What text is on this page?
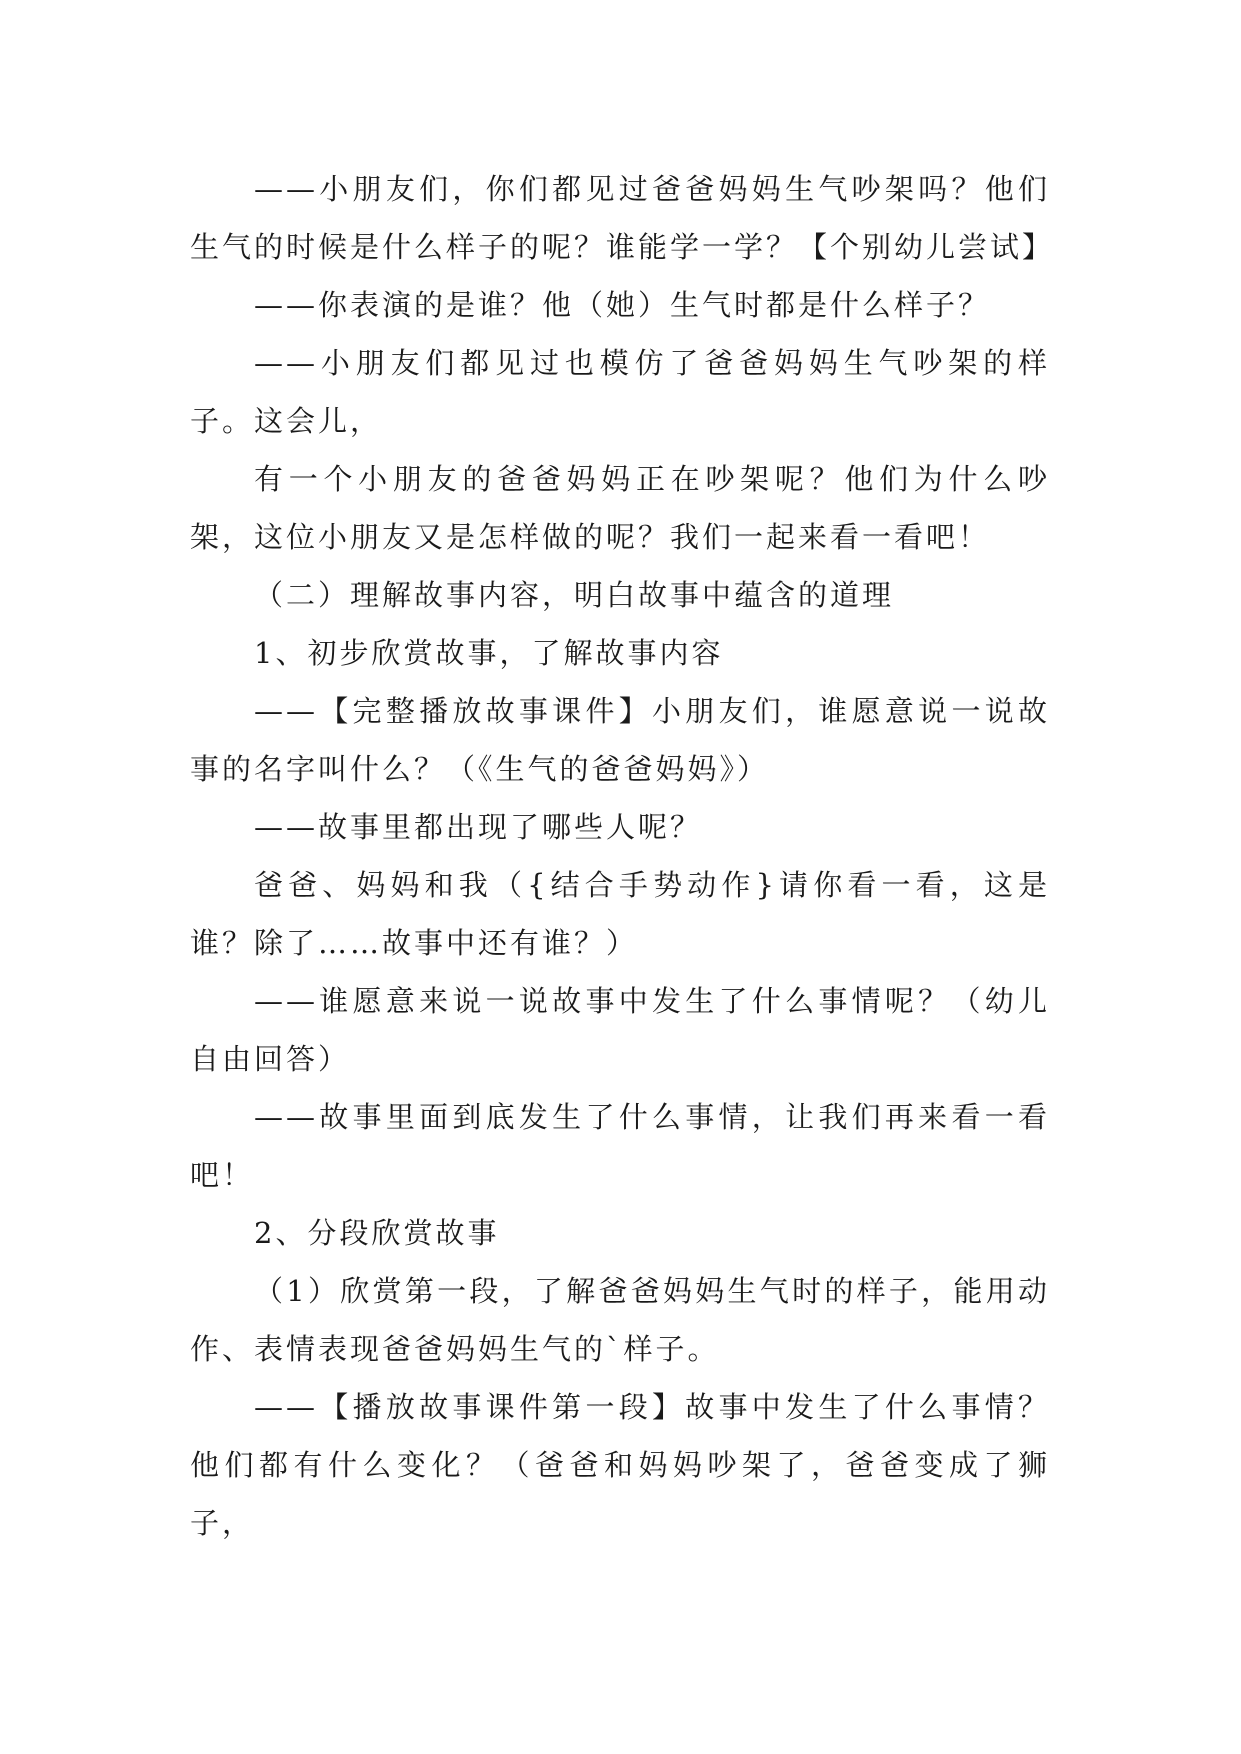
——小朋友们，你们都见过爸爸妈妈生气吵架吗？他们生气的时候是什么样子的呢？谁能学一学？【个别幼儿尝试】

——你表演的是谁？他（她）生气时都是什么样子？

——小朋友们都见过也模仿了爸爸妈妈生气吵架的样子。这会儿，

有一个小朋友的爸爸妈妈正在吵架呢？他们为什么吵架，这位小朋友又是怎样做的呢？我们一起来看一看吧！

（二）理解故事内容，明白故事中蕴含的道理

1、初步欣赏故事，了解故事内容

——【完整播放故事课件】小朋友们，谁愿意说一说故事的名字叫什么？（《生气的爸爸妈妈》）

——故事里都出现了哪些人呢？

爸爸、妈妈和我（{结合手势动作}请你看一看，这是谁？除了……故事中还有谁？）

——谁愿意来说一说故事中发生了什么事情呢？（幼儿自由回答）

——故事里面到底发生了什么事情，让我们再来看一看吧！

2、分段欣赏故事

（1）欣赏第一段，了解爸爸妈妈生气时的样子，能用动作、表情表现爸爸妈妈生气的`样子。

——【播放故事课件第一段】故事中发生了什么事情？他们都有什么变化？（爸爸和妈妈吵架了，爸爸变成了狮子，
